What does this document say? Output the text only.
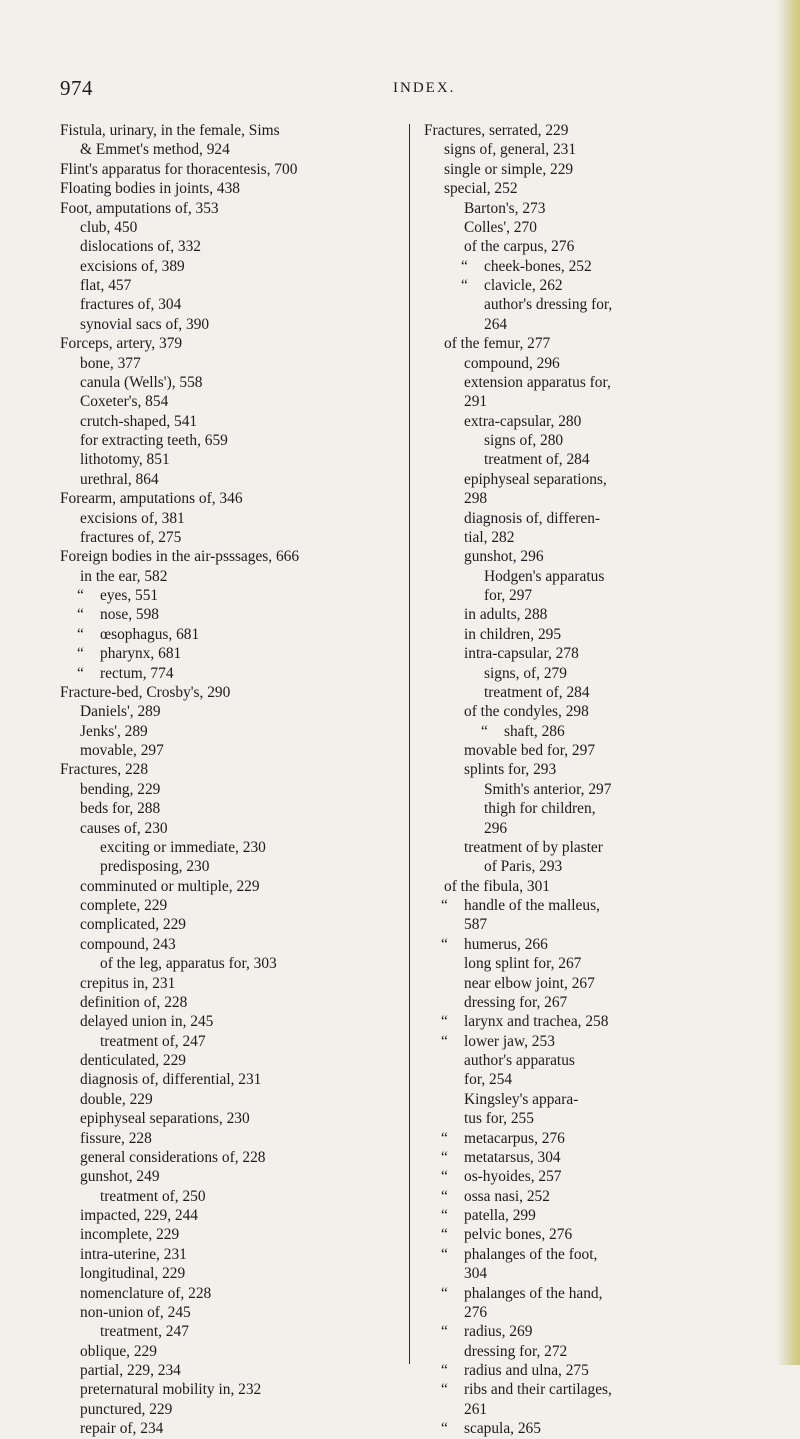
974	INDEX.
Fistula, urinary, in the female, Sims
& Emmet's method, 924
Flint's apparatus for thoracentesis, 700
Floating bodies in joints, 438
Foot, amputations of, 353
club, 450
dislocations of, 332
excisions of, 389
flat, 457
fractures of, 304
synovial sacs of, 390
Forceps, artery, 379
bone, 377
canula (Wells'), 558
Coxeter's, 854
crutch-shaped, 541
for extracting teeth, 659
lithotomy, 851
urethral, 864
Forearm, amputations of, 346
excisions of, 381
fractures of, 275
Foreign bodies in the air-psssages, 666
in the ear, 582
“ eyes, 551
“ nose, 598
“ œsophagus, 681
“ pharynx, 681
“ rectum, 774
Fracture-bed, Crosby's, 290
Daniels', 289
Jenks', 289
movable, 297
Fractures, 228
bending, 229
beds for, 288
causes of, 230
exciting or immediate, 230
predisposing, 230
comminuted or multiple, 229
complete, 229
complicated, 229
compound, 243
of the leg, apparatus for, 303
crepitus in, 231
definition of, 228
delayed union in, 245
treatment of, 247
denticulated, 229
diagnosis of, differential, 231
double, 229
epiphyseal separations, 230
fissure, 228
general considerations of, 228
gunshot, 249
treatment of, 250
impacted, 229, 244
incomplete, 229
intra-uterine, 231
longitudinal, 229
nomenclature of, 228
non-union of, 245
treatment, 247
oblique, 229
partial, 229, 234
preternatural mobility in, 232
punctured, 229
repair of, 234
Fractures, serrated, 229
signs of, general, 231
single or simple, 229
special, 252
Barton's, 273
Colles', 270
of the carpus, 276
“ cheek-bones, 252
“ clavicle, 262
author's dressing for,
264
of the femur, 277
compound, 296
extension apparatus for,
291
extra-capsular, 280
signs of, 280
treatment of, 284
epiphyseal separations,
298
diagnosis of, differen-
tial, 282
gunshot, 296
Hodgen's apparatus
for, 297
in adults, 288
in children, 295
intra-capsular, 278
signs, of, 279
treatment of, 284
of the condyles, 298
“ shaft, 286
movable bed for, 297
splints for, 293
Smith's anterior, 297
thigh for children,
296
treatment of by plaster
of Paris, 293
of the fibula, 301
“ handle of the malleus,
587
“ humerus, 266
long splint for, 267
near elbow joint, 267
dressing for, 267
“ larynx and trachea, 258
“ lower jaw, 253
author's apparatus
for, 254
Kingsley's appara-
tus for, 255
“ metacarpus, 276
“ metatarsus, 304
“ os-hyoides, 257
“ ossa nasi, 252
“ patella, 299
“ pelvic bones, 276
“ phalanges of the foot,
304
“ phalanges of the hand,
276
“ radius, 269
dressing for, 272
“ radius and ulna, 275
“ ribs and their cartilages,
261
“ scapula, 265
